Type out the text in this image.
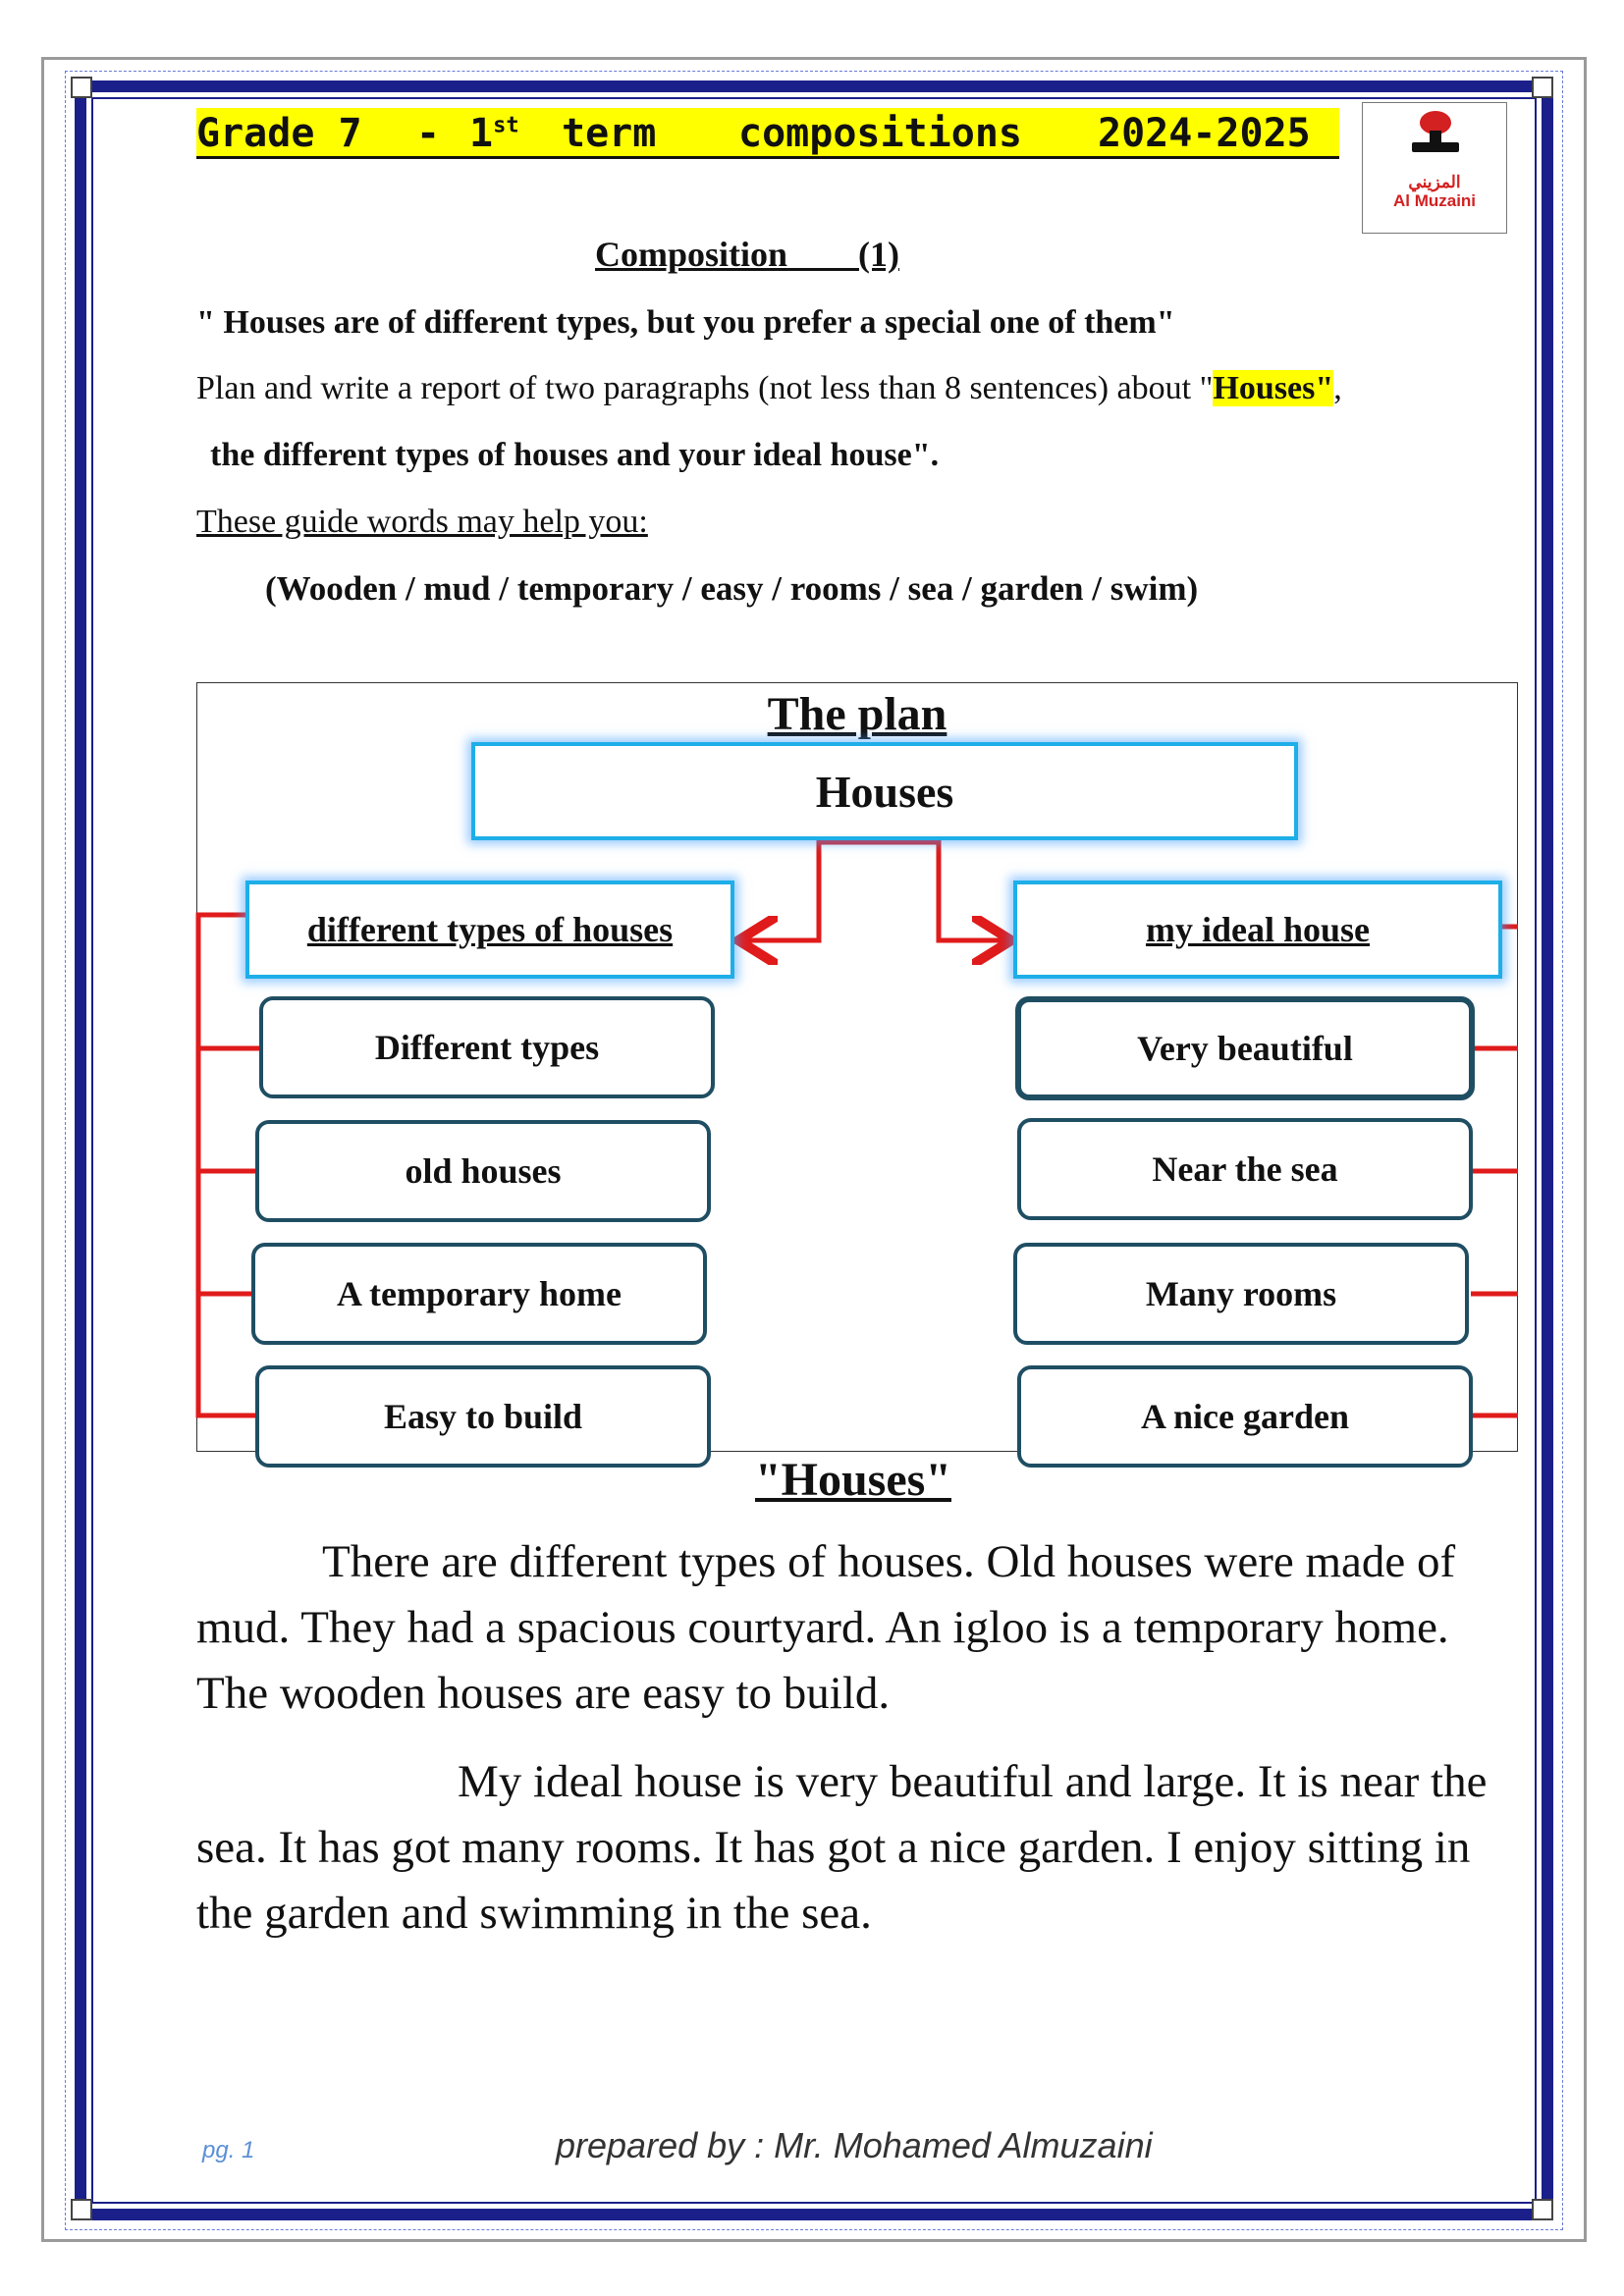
Grade 7 - 1st term compositions 2024-2025
المزيني
Al Muzaini
Composition (1)
" Houses are of different types, but you prefer a special one of them"
Plan and write a report of two paragraphs (not less than 8 sentences) about "Houses",
the different types of houses and your ideal house".
These guide words may help you:
(Wooden / mud / temporary / easy / rooms / sea / garden / swim)
The plan
Houses
different types of houses	my ideal house
Different types
old houses
A temporary home
Easy to build
Very beautiful
Near the sea
Many rooms
A nice garden
"Houses"
There are different types of houses. Old houses were made of mud. They had a spacious courtyard. An igloo is a temporary home. The wooden houses are easy to build.
My ideal house is very beautiful and large. It is near the sea. It has got many rooms. It has got a nice garden. I enjoy sitting in the garden and swimming in the sea.
pg. 1	prepared by : Mr. Mohamed Almuzaini
